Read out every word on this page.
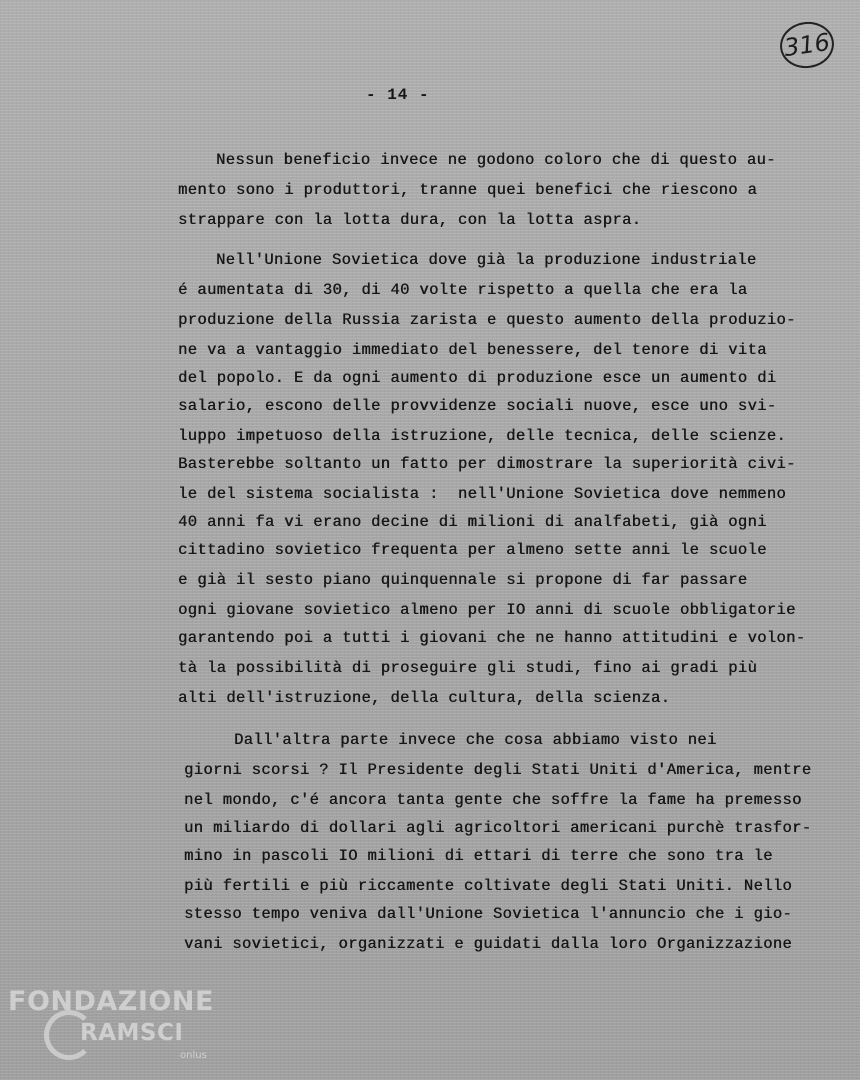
316
- 14 -

Nessun beneficio invece ne godono coloro che di questo au-

mento sono i produttori, tranne quei benefici che riescono a

strappare con la lotta dura, con la lotta aspra.

Nell'Unione Sovietica dove già la produzione industriale

é aumentata di 30, di 40 volte rispetto a quella che era la

produzione della Russia zarista e questo aumento della produzio-

ne va a vantaggio immediato del benessere, del tenore di vita

del popolo. E da ogni aumento di produzione esce un aumento di

salario, escono delle provvidenze sociali nuove, esce uno svi-

luppo impetuoso della istruzione, delle tecnica, delle scienze.

Basterebbe soltanto un fatto per dimostrare la superiorità civi-

le del sistema socialista :  nell'Unione Sovietica dove nemmeno

40 anni fa vi erano decine di milioni di analfabeti, già ogni

cittadino sovietico frequenta per almeno sette anni le scuole

e già il sesto piano quinquennale si propone di far passare

ogni giovane sovietico almeno per IO anni di scuole obbligatorie

garantendo poi a tutti i giovani che ne hanno attitudini e volon-

tà la possibilità di proseguire gli studi, fino ai gradi più

alti dell'istruzione, della cultura, della scienza.

Dall'altra parte invece che cosa abbiamo visto nei

giorni scorsi ? Il Presidente degli Stati Uniti d'America, mentre

nel mondo, c'é ancora tanta gente che soffre la fame ha premesso

un miliardo di dollari agli agricoltori americani purchè trasfor-

mino in pascoli IO milioni di ettari di terre che sono tra le

più fertili e più riccamente coltivate degli Stati Uniti. Nello

stesso tempo veniva dall'Unione Sovietica l'annuncio che i gio-

vani sovietici, organizzati e guidati dalla loro Organizzazione

FONDAZIONE
RAMSCI
onlus
